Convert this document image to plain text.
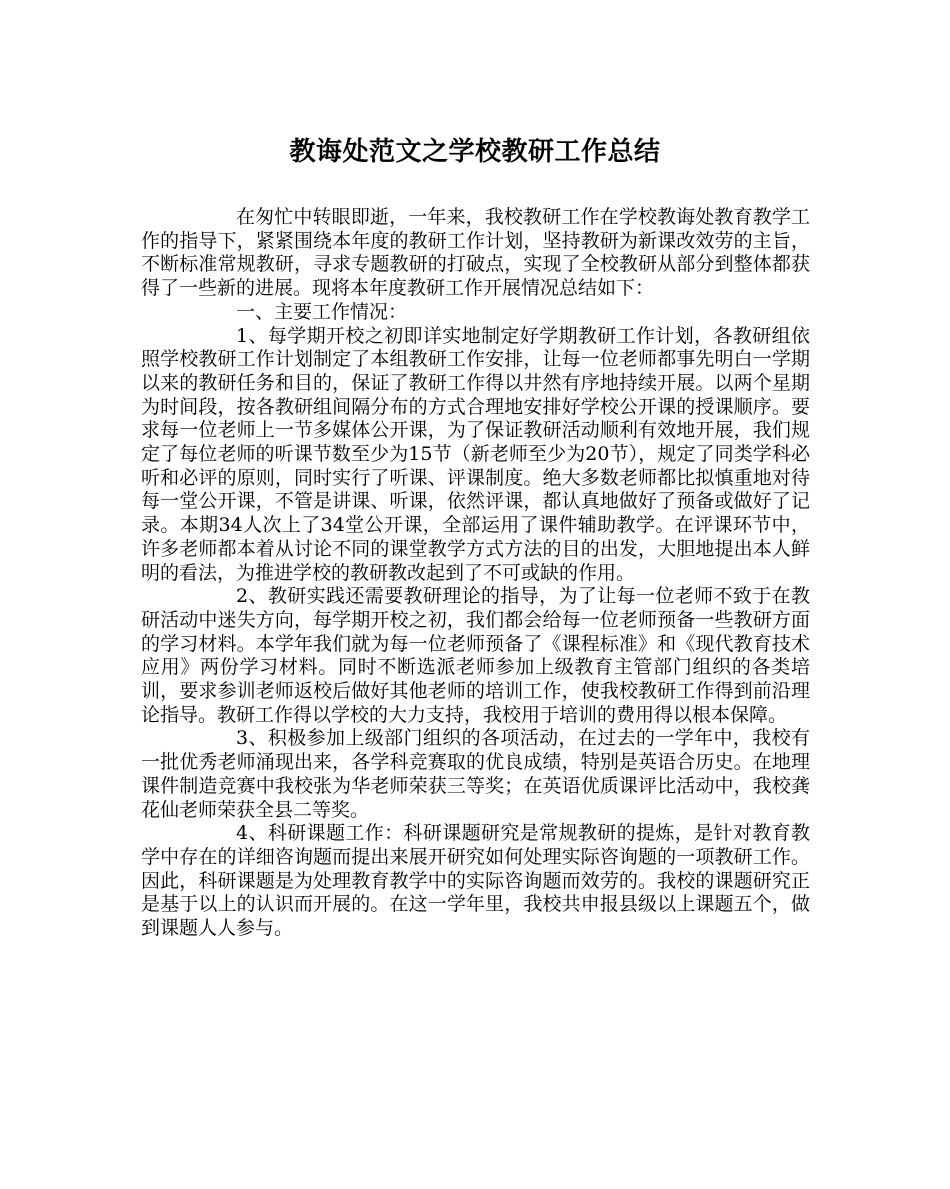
教诲处范文之学校教研工作总结

在匆忙中转眼即逝，一年来，我校教研工作在学校教诲处教育教学工作的指导下，紧紧围绕本年度的教研工作计划，坚持教研为新课改效劳的主旨，不断标准常规教研，寻求专题教研的打破点，实现了全校教研从部分到整体都获得了一些新的进展。现将本年度教研工作开展情况总结如下：

一、主要工作情况：

1、每学期开校之初即详实地制定好学期教研工作计划，各教研组依照学校教研工作计划制定了本组教研工作安排，让每一位老师都事先明白一学期以来的教研任务和目的，保证了教研工作得以井然有序地持续开展。以两个星期为时间段，按各教研组间隔分布的方式合理地安排好学校公开课的授课顺序。要求每一位老师上一节多媒体公开课，为了保证教研活动顺利有效地开展，我们规定了每位老师的听课节数至少为15节（新老师至少为20节），规定了同类学科必听和必评的原则，同时实行了听课、评课制度。绝大多数老师都比拟慎重地对待每一堂公开课，不管是讲课、听课，依然评课，都认真地做好了预备或做好了记录。本期34人次上了34堂公开课，全部运用了课件辅助教学。在评课环节中，许多老师都本着从讨论不同的课堂教学方式方法的目的出发，大胆地提出本人鲜明的看法，为推进学校的教研教改起到了不可或缺的作用。

2、教研实践还需要教研理论的指导，为了让每一位老师不致于在教研活动中迷失方向，每学期开校之初，我们都会给每一位老师预备一些教研方面的学习材料。本学年我们就为每一位老师预备了《课程标准》和《现代教育技术应用》两份学习材料。同时不断选派老师参加上级教育主管部门组织的各类培训，要求参训老师返校后做好其他老师的培训工作，使我校教研工作得到前沿理论指导。教研工作得以学校的大力支持，我校用于培训的费用得以根本保障。

3、积极参加上级部门组织的各项活动，在过去的一学年中，我校有一批优秀老师涌现出来，各学科竞赛取的优良成绩，特别是英语合历史。在地理课件制造竞赛中我校张为华老师荣获三等奖；在英语优质课评比活动中，我校龚花仙老师荣获全县二等奖。

4、科研课题工作：科研课题研究是常规教研的提炼，是针对教育教学中存在的详细咨询题而提出来展开研究如何处理实际咨询题的一项教研工作。因此，科研课题是为处理教育教学中的实际咨询题而效劳的。我校的课题研究正是基于以上的认识而开展的。在这一学年里，我校共申报县级以上课题五个，做到课题人人参与。
